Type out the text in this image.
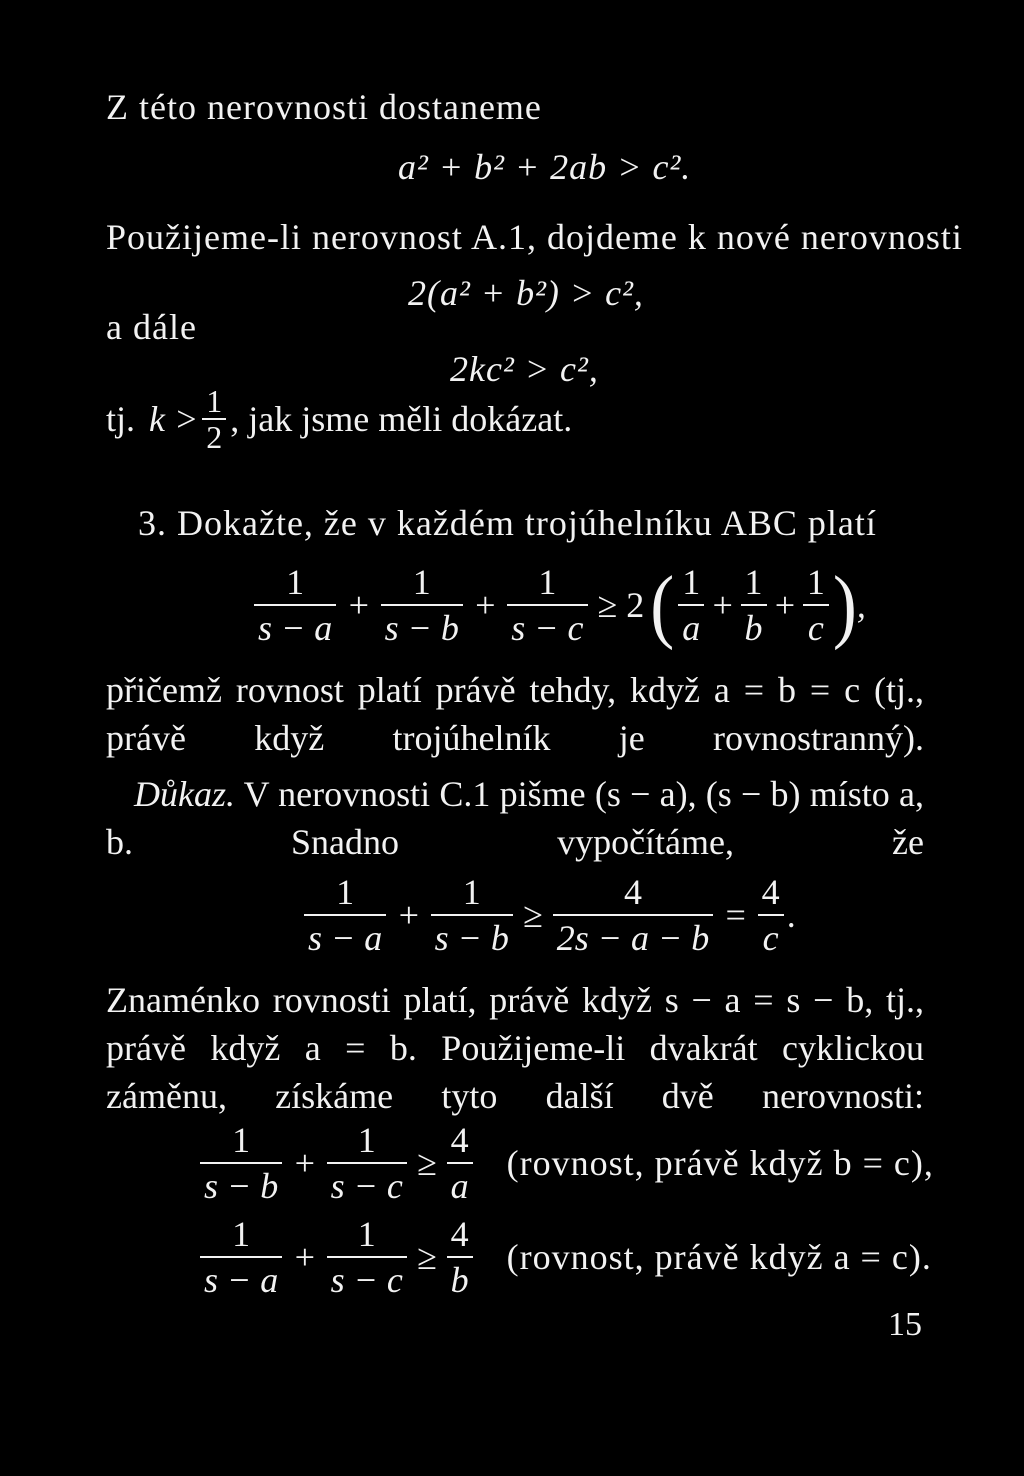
Z této nerovnosti dostaneme
a² + b² + 2ab > c².
Použijeme-li nerovnost A.1, dojdeme k nové nerovnosti
2(a² + b²) > c²,
a dále
2kc² > c²,
tj. $k > \frac{1}{2}$ , jak jsme měli dokázat.
3. Dokažte, že v každém trojúhelníku ABC platí
$\frac{1}{s - a} + \frac{1}{s - b} + \frac{1}{s - c} \ge 2$ ( $\frac{1}{a} + \frac{1}{b} + \frac{1}{c}$ ) ,
přičemž rovnost platí právě tehdy, když a = b = c (tj., právě když trojúhelník je rovnostranný).
Důkaz. V nerovnosti C.1 pišme (s − a), (s − b) místo a, b. Snadno vypočítáme, že
$\frac{1}{s - a} + \frac{1}{s - b} \ge \frac{4}{2s - a - b} = \frac{4}{c}$ .
Znaménko rovnosti platí, právě když s − a = s − b, tj., právě když a = b. Použijeme-li dvakrát cyklickou záměnu, získáme tyto další dvě nerovnosti:
$\frac{1}{s - b} + \frac{1}{s - c} \ge \frac{4}{a}$ (rovnost, právě když b = c),
$\frac{1}{s - a} + \frac{1}{s - c} \ge \frac{4}{b}$ (rovnost, právě když a = c).
15
